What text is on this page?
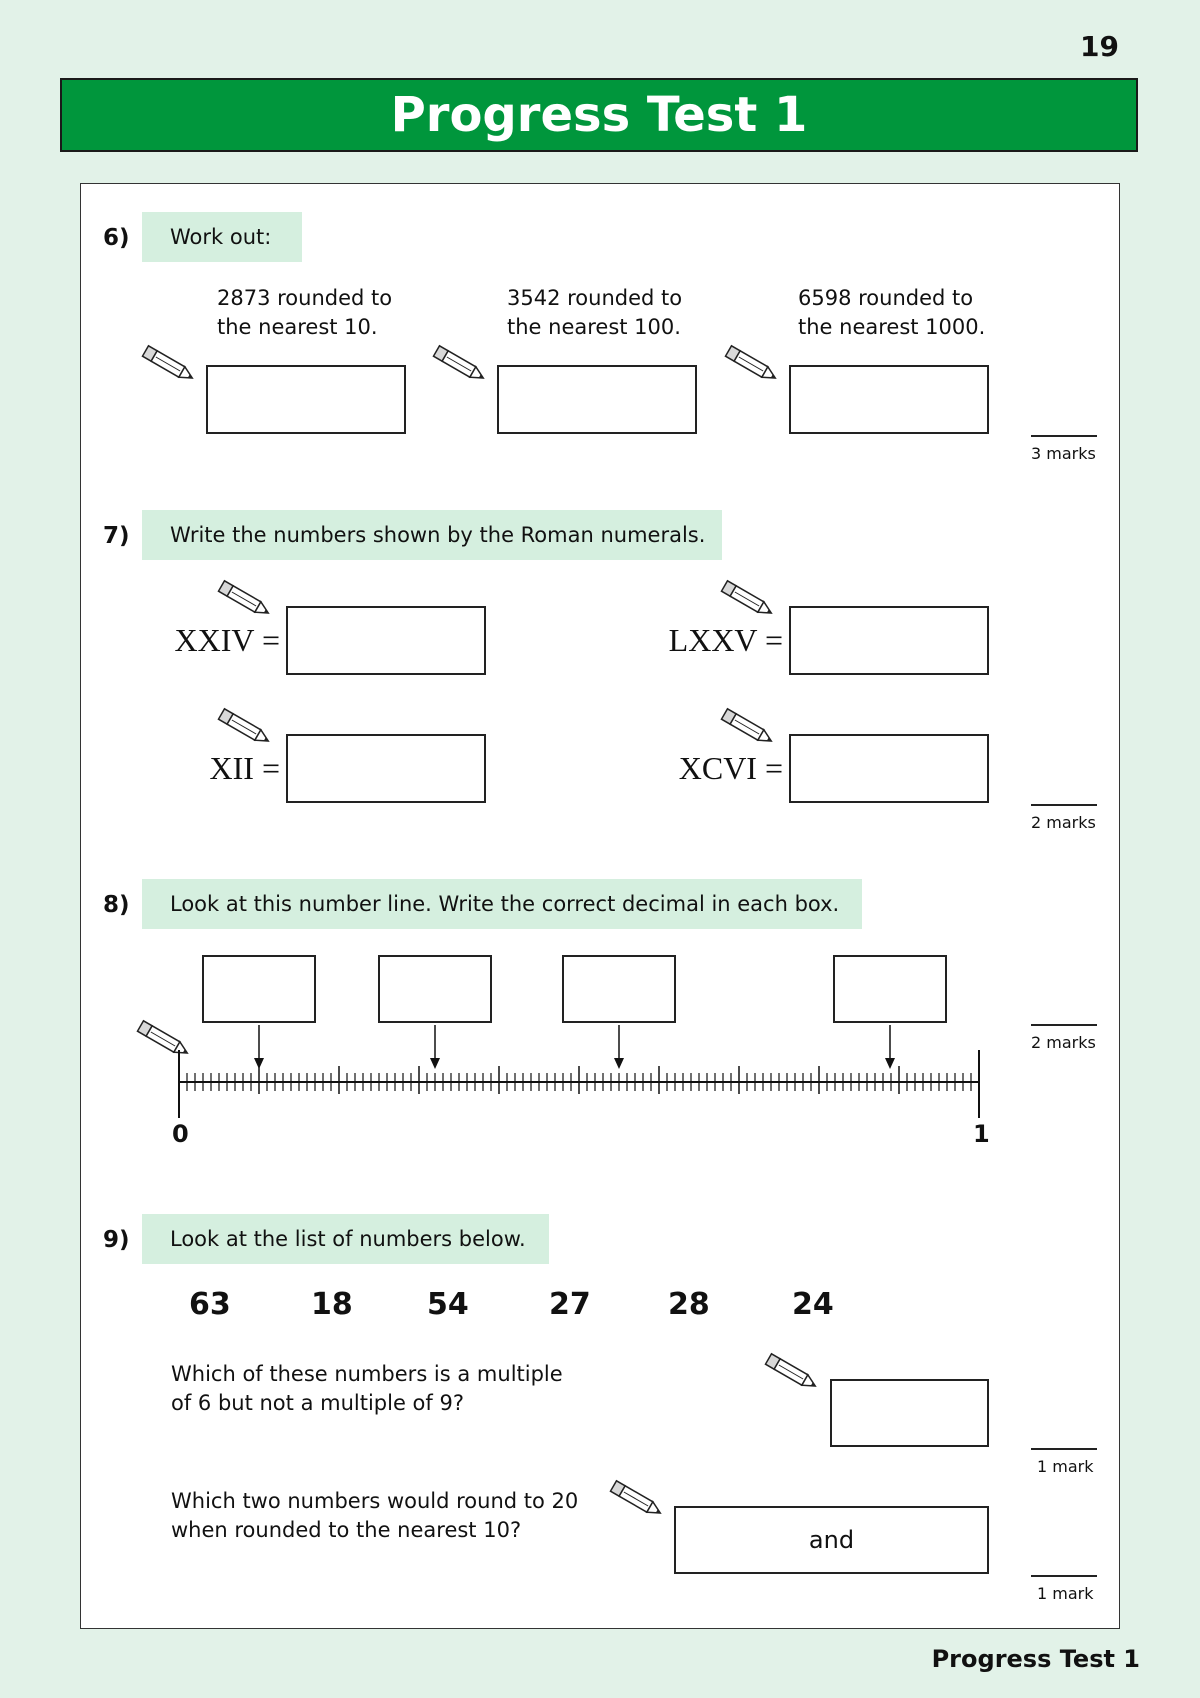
19
Progress Test 1
6)	Work out:
2873 rounded to
the nearest 10.
3542 rounded to
the nearest 100.
6598 rounded to
the nearest 1000.
3 marks
7)	Write the numbers shown by the Roman numerals.
XXIV =	LXXV =
XII =	XCVI =
2 marks
8)	Look at this number line. Write the correct decimal in each box.
0	1
2 marks
9)	Look at the list of numbers below.
63	18 54	27	28	24
Which of these numbers is a multiple
of 6 but not a multiple of 9?
1 mark
Which two numbers would round to 20
when rounded to the nearest 10?	and
1 mark
Progress Test 1
